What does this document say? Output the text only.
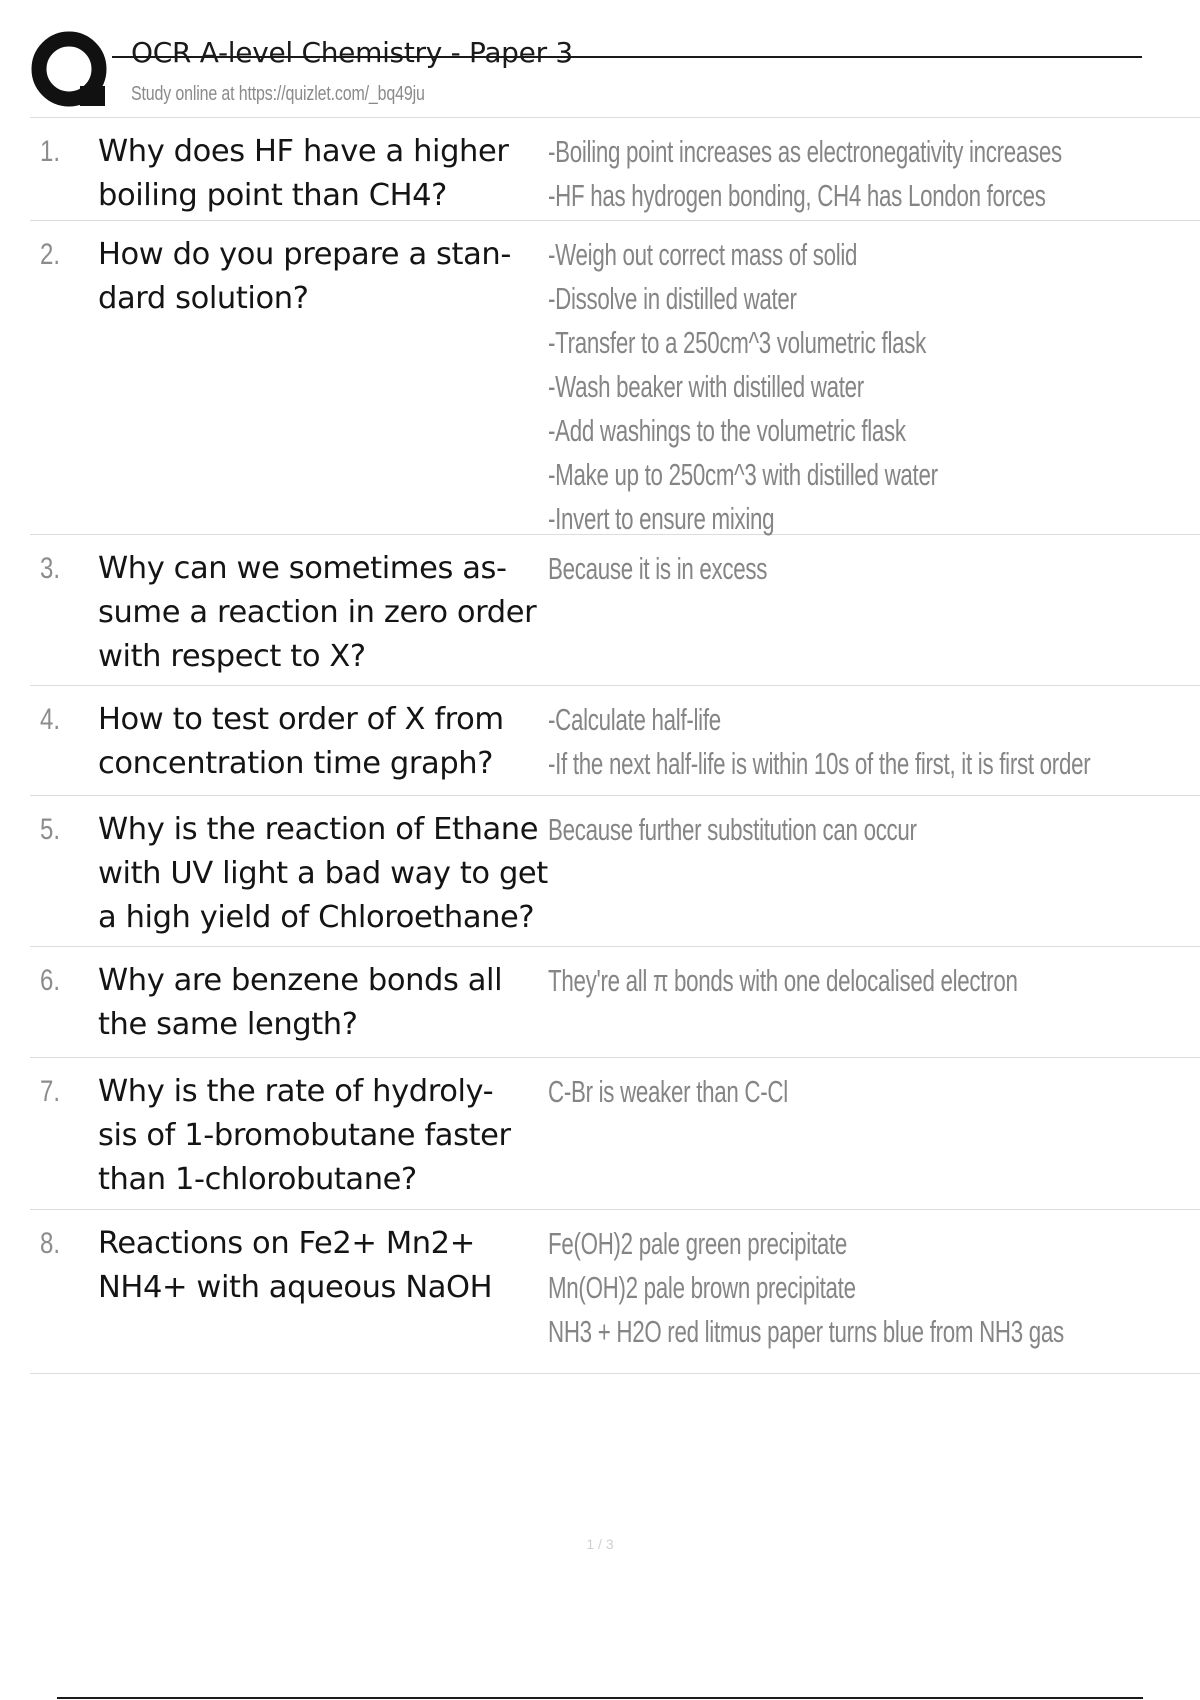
OCR A-level Chemistry - Paper 3
Study online at https://quizlet.com/_bq49ju
1. Why does HF have a higher
boiling point than CH4?
-Boiling point increases as electronegativity increases
-HF has hydrogen bonding, CH4 has London forces
2. How do you prepare a stan-
dard solution?
-Weigh out correct mass of solid
-Dissolve in distilled water
-Transfer to a 250cm^3 volumetric flask
-Wash beaker with distilled water
-Add washings to the volumetric flask
-Make up to 250cm^3 with distilled water
-Invert to ensure mixing
3. Why can we sometimes as-
sume a reaction in zero order
with respect to X?
Because it is in excess
4. How to test order of X from
concentration time graph?
-Calculate half-life
-If the next half-life is within 10s of the first, it is first order
5. Why is the reaction of Ethane
with UV light a bad way to get
a high yield of Chloroethane?
Because further substitution can occur
6. Why are benzene bonds all
the same length?
They're all π bonds with one delocalised electron
7. Why is the rate of hydroly-
sis of 1-bromobutane faster
than 1-chlorobutane?
C-Br is weaker than C-Cl
8. Reactions on Fe2+ Mn2+
NH4+ with aqueous NaOH
Fe(OH)2 pale green precipitate
Mn(OH)2 pale brown precipitate
NH3 + H2O red litmus paper turns blue from NH3 gas
1 / 3
